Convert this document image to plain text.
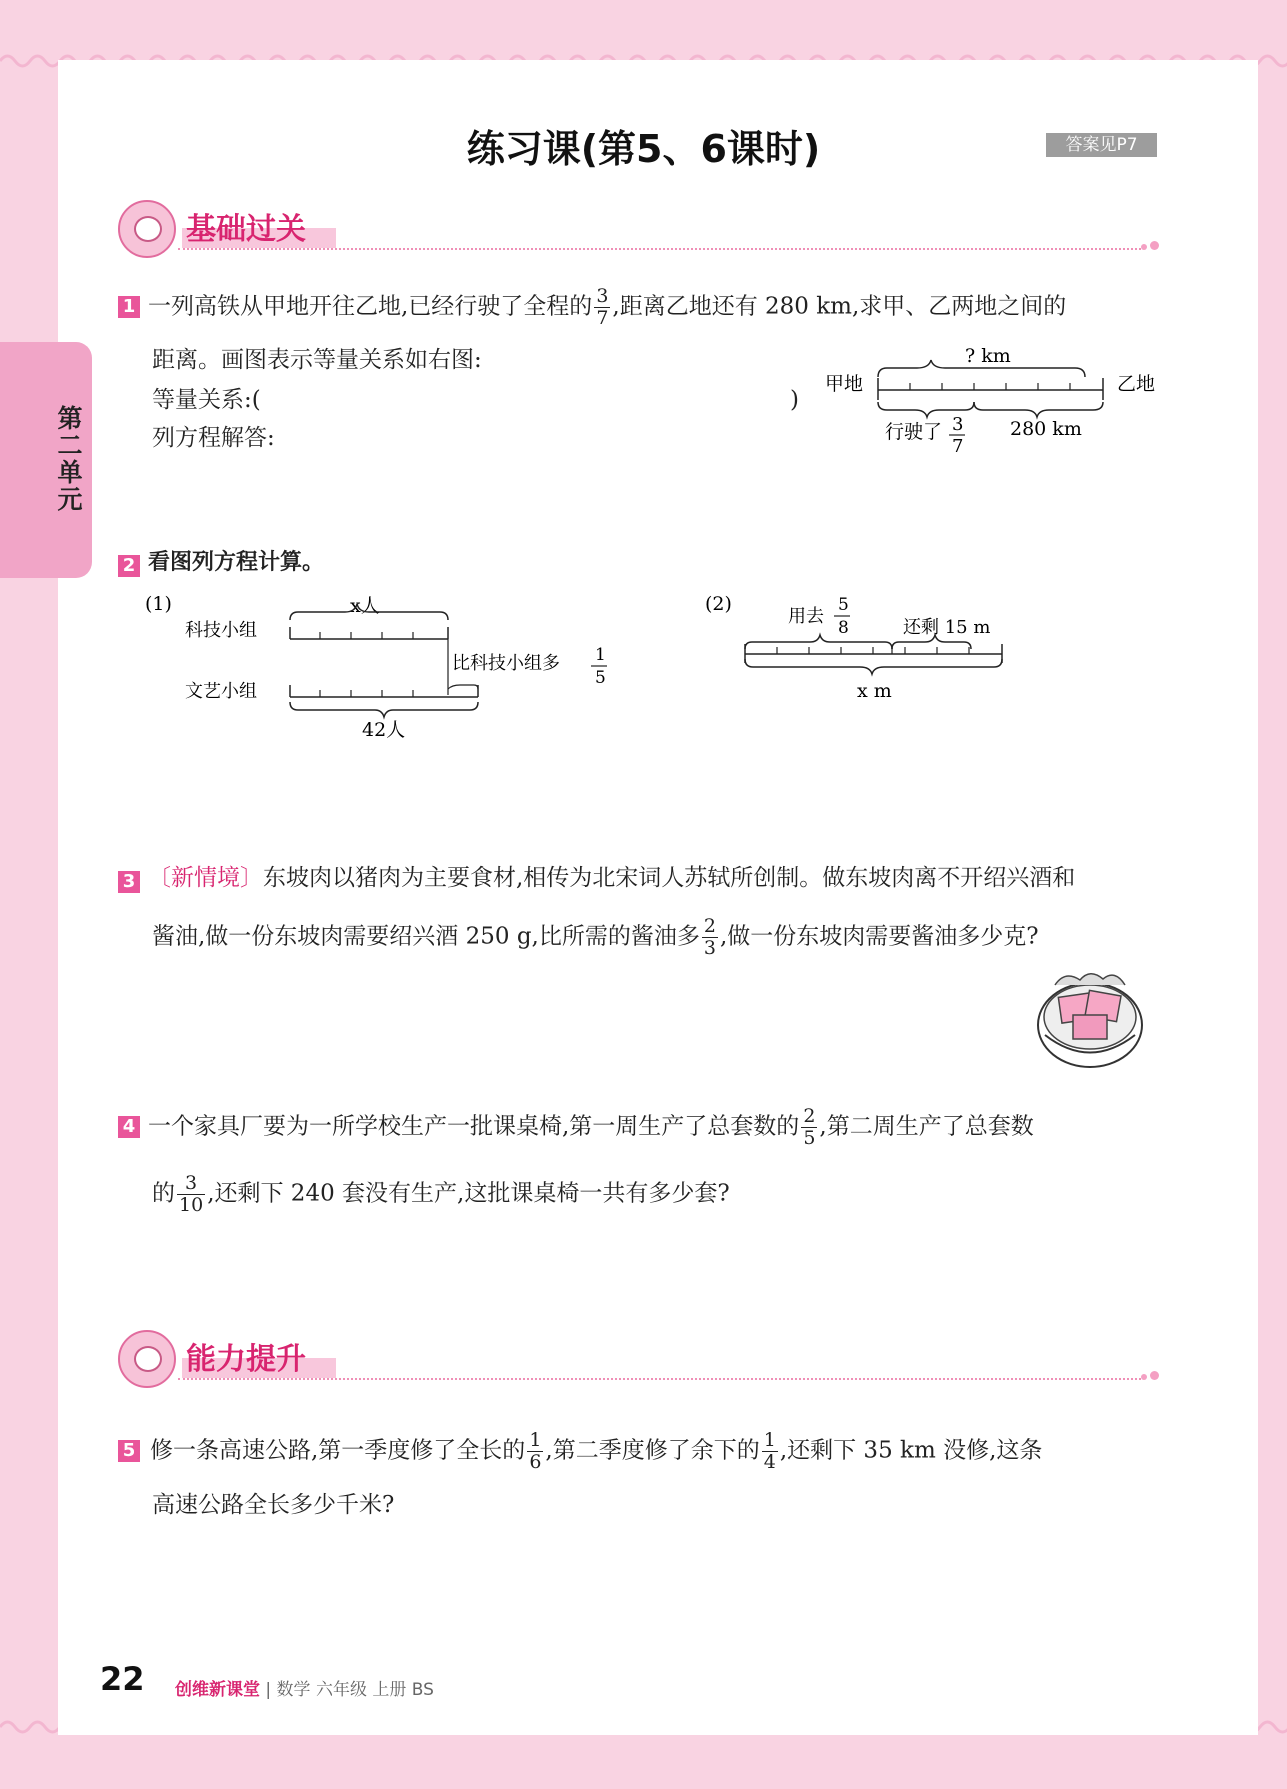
第二单元
练习课(第5、6课时)	答案见P7
基础过关
1 一列高铁从甲地开往乙地,已经行驶了全程的 $\frac{3}{7}$ ,距离乙地还有 280 km,求甲、乙两地之间的
距离。画图表示等量关系如右图:
等量关系:(	)
列方程解答:
? km
甲地	乙地
行驶了 3
7
280 km
2 看图列方程计算。
(1)
科技小组
x人
比科技小组多 1
5
文艺小组
42人
(2)
用去
5
8	还剩 15 m
x m
3 〔新情境〕东坡肉以猪肉为主要食材,相传为北宋词人苏轼所创制。做东坡肉离不开绍兴酒和
酱油,做一份东坡肉需要绍兴酒 250 g,比所需的酱油多 $\frac{2}{3}$ ,做一份东坡肉需要酱油多少克?
4 一个家具厂要为一所学校生产一批课桌椅,第一周生产了总套数的 $\frac{2}{5}$ ,第二周生产了总套数
的 $\frac{3}{10}$ ,还剩下 240 套没有生产,这批课桌椅一共有多少套?
能力提升
5 修一条高速公路,第一季度修了全长的 $\frac{1}{6}$ ,第二季度修了余下的 $\frac{1}{4}$ ,还剩下 35 km 没修,这条
高速公路全长多少千米?
22 创维新课堂 | 数学 六年级 上册 BS
